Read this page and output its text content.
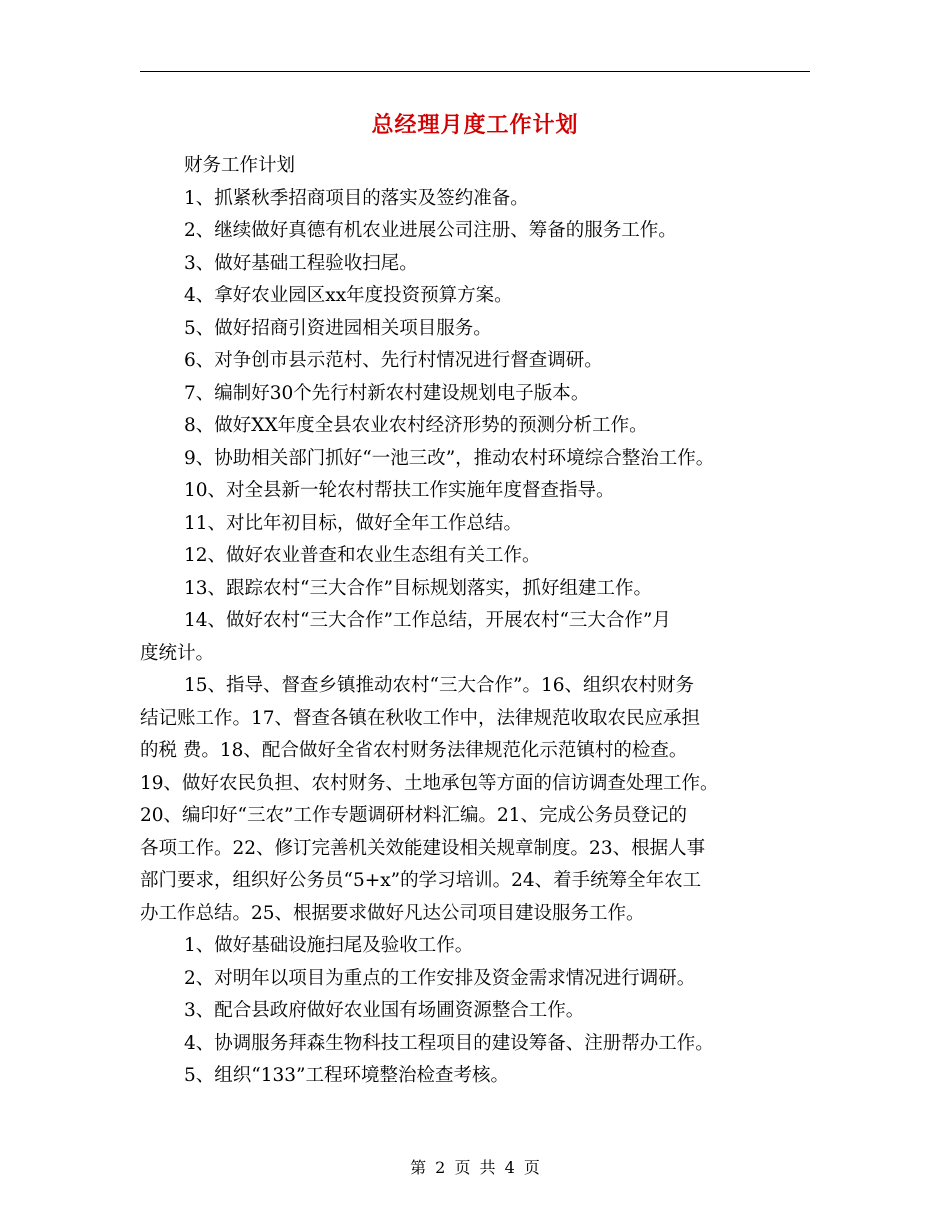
总经理月度工作计划

财务工作计划

1、抓紧秋季招商项目的落实及签约准备。

2、继续做好真德有机农业进展公司注册、筹备的服务工作。

3、做好基础工程验收扫尾。

4、拿好农业园区xx年度投资预算方案。

5、做好招商引资进园相关项目服务。

6、对争创市县示范村、先行村情况进行督查调研。

7、编制好30个先行村新农村建设规划电子版本。

8、做好XX年度全县农业农村经济形势的预测分析工作。

9、协助相关部门抓好“一池三改”，推动农村环境综合整治工作。

10、对全县新一轮农村帮扶工作实施年度督查指导。

11、对比年初目标，做好全年工作总结。

12、做好农业普查和农业生态组有关工作。

13、跟踪农村“三大合作”目标规划落实，抓好组建工作。

14、做好农村“三大合作”工作总结，开展农村“三大合作”月

度统计。

15、指导、督查乡镇推动农村“三大合作”。16、组织农村财务

结记账工作。17、督查各镇在秋收工作中，法律规范收取农民应承担

的税 费。18、配合做好全省农村财务法律规范化示范镇村的检查。

19、做好农民负担、农村财务、土地承包等方面的信访调查处理工作。

20、编印好“三农”工作专题调研材料汇编。21、完成公务员登记的

各项工作。22、修订完善机关效能建设相关规章制度。23、根据人事

部门要求，组织好公务员“5+x”的学习培训。24、着手统筹全年农工

办工作总结。25、根据要求做好凡达公司项目建设服务工作。

1、做好基础设施扫尾及验收工作。

2、对明年以项目为重点的工作安排及资金需求情况进行调研。

3、配合县政府做好农业国有场圃资源整合工作。

4、协调服务拜森生物科技工程项目的建设筹备、注册帮办工作。

5、组织“133”工程环境整治检查考核。

第 2 页 共 4 页
